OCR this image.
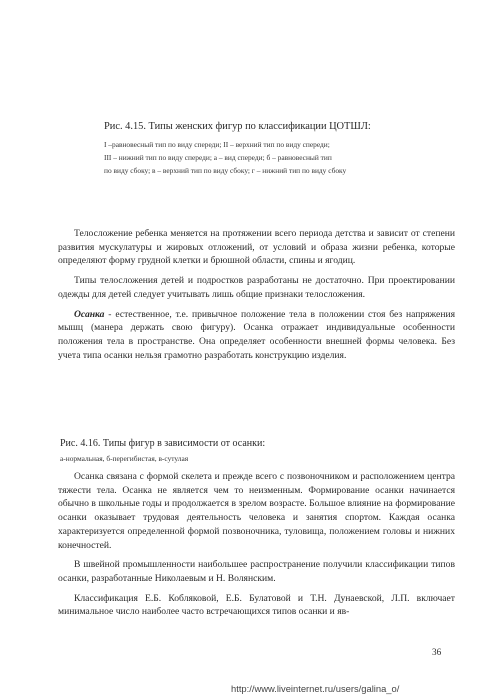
Рис. 4.15. Типы женских фигур по классификации ЦОТШЛ:

I –равновесный тип по виду спереди; II – верхний тип по виду спереди;

III – нижний тип по виду спереди; а – вид спереди; б – равновесный тип

по виду сбоку; в – верхний тип по виду сбоку; г – нижний тип по виду сбоку

Телосложение ребенка меняется на протяжении всего периода детства и зависит от степени развития мускулатуры и жировых отложений, от условий и образа жизни ребенка, которые определяют форму грудной клетки и брюшной области, спины и ягодиц.

Типы телосложения детей и подростков разработаны не достаточно. При проектировании одежды для детей следует учитывать лишь общие признаки телосложения.

Осанка - естественное, т.е. привычное положение тела в положении стоя без напряжения мышц (манера держать свою фигуру). Осанка отражает индивидуальные особенности положения тела в пространстве. Она определяет особенности внешней формы человека. Без учета типа осанки нельзя грамотно разработать конструкцию изделия.

Рис. 4.16. Типы фигур в зависимости от осанки:

а-нормальная, б-перегибистая, в-сутулая

Осанка связана с формой скелета и прежде всего с позвоночником и расположением центра тяжести тела. Осанка не является чем то неизменным. Формирование осанки начинается обычно в школьные годы и продолжается в зрелом возрасте. Большое влияние на формирование осанки оказывает трудовая деятельность человека и занятия спортом. Каждая осанка характеризуется определенной формой позвоночника, туловища, положением головы и нижних конечностей.

В швейной промышленности наибольшее распространение получили классификации типов осанки, разработанные Николаевым и Н. Волянским.

Классификация Е.Б. Кобляковой, Е.Б. Булатовой и Т.Н. Дунаевской, Л.П. включает минимальное число наиболее часто встречающихся типов осанки и яв-

36
http://www.liveinternet.ru/users/galina_o/
